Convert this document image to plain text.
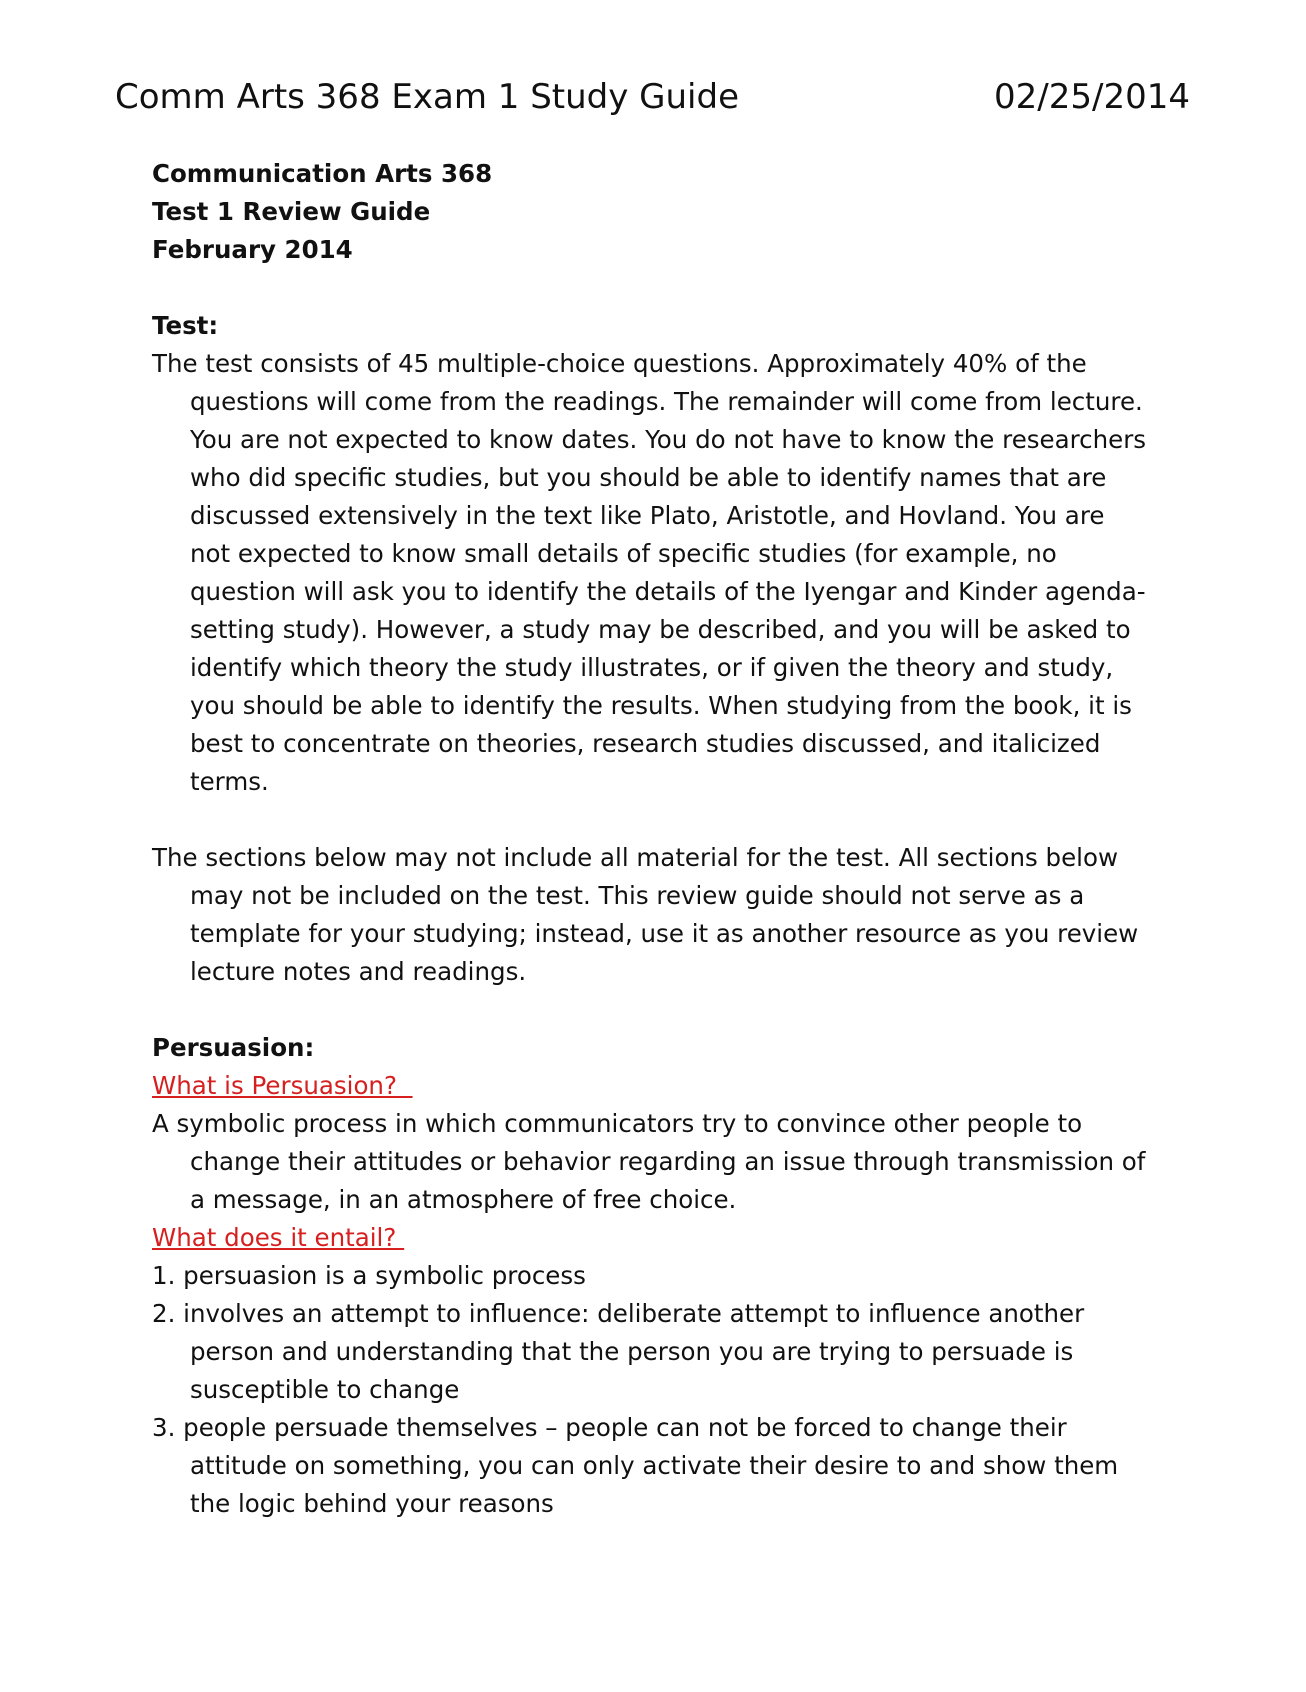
Comm Arts 368 Exam 1 Study Guide	02/25/2014
Communication Arts 368
Test 1 Review Guide
February 2014
Test:

The test consists of 45 multiple-choice questions. Approximately 40% of the questions will come from the readings. The remainder will come from lecture. You are not expected to know dates. You do not have to know the researchers who did specific studies, but you should be able to identify names that are discussed extensively in the text like Plato, Aristotle, and Hovland. You are not expected to know small details of specific studies (for example, no question will ask you to identify the details of the Iyengar and Kinder agenda-setting study). However, a study may be described, and you will be asked to identify which theory the study illustrates, or if given the theory and study, you should be able to identify the results. When studying from the book, it is best to concentrate on theories, research studies discussed, and italicized terms.

The sections below may not include all material for the test. All sections below may not be included on the test. This review guide should not serve as a template for your studying; instead, use it as another resource as you review lecture notes and readings.

Persuasion:
What is Persuasion?

A symbolic process in which communicators try to convince other people to change their attitudes or behavior regarding an issue through transmission of a message, in an atmosphere of free choice.

What does it entail?

1. persuasion is a symbolic process

2. involves an attempt to influence: deliberate attempt to influence another person and understanding that the person you are trying to persuade is susceptible to change

3. people persuade themselves – people can not be forced to change their attitude on something, you can only activate their desire to and show them the logic behind your reasons
